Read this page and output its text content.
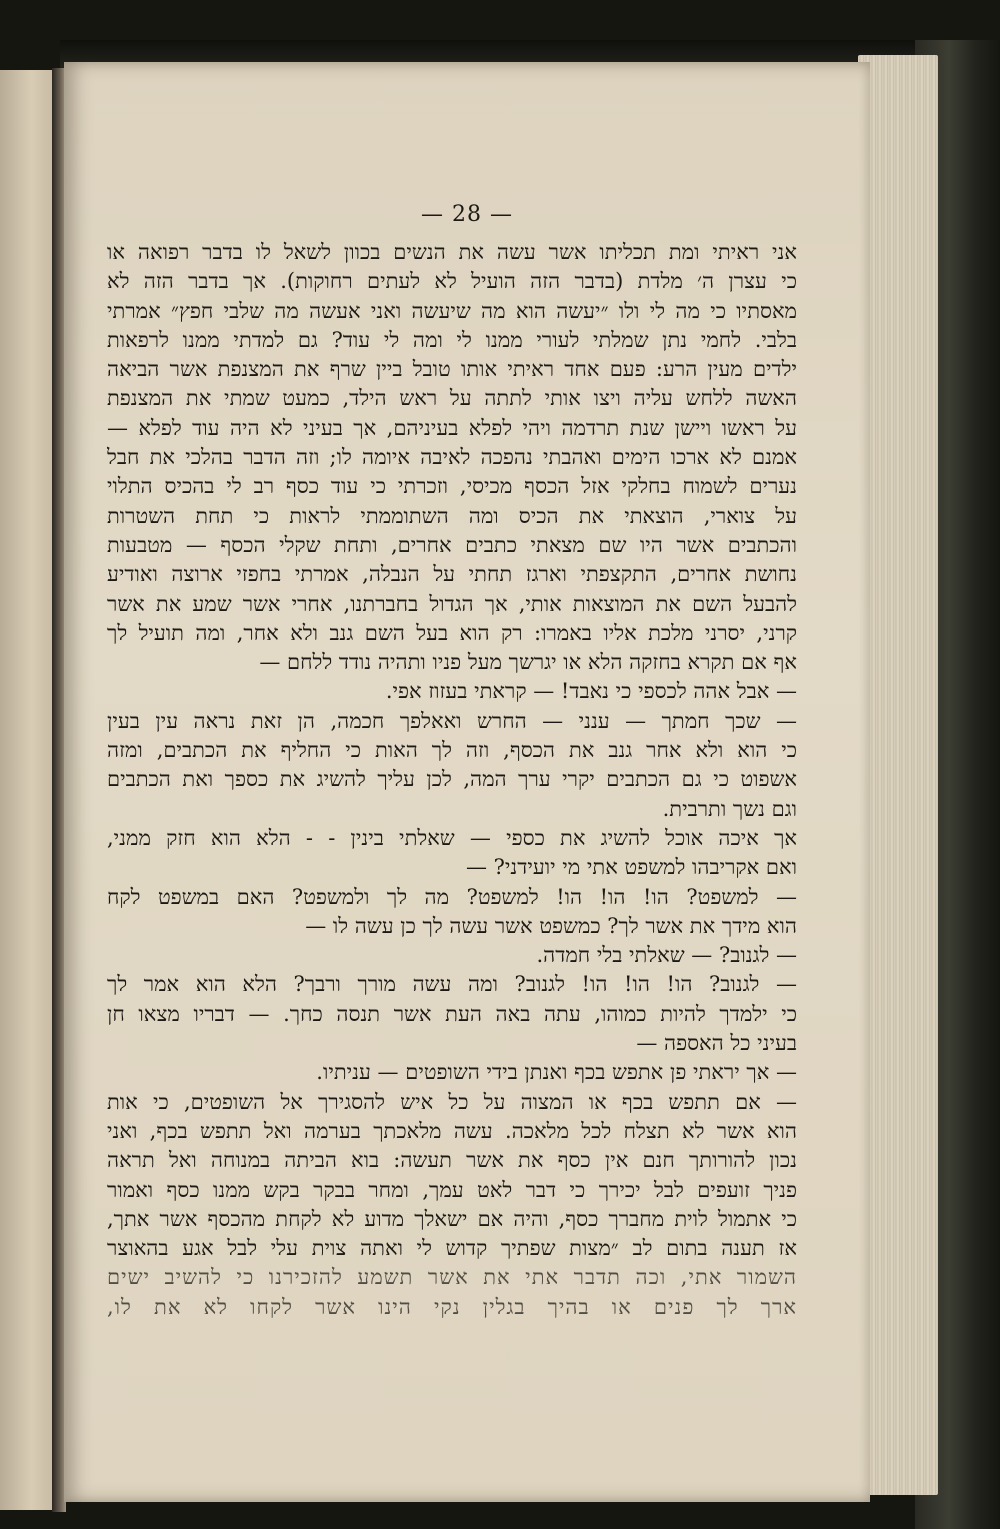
— 28 —
אני ראיתי ומת תכליתו אשר עשה את הנשים בכוון לשאל לו בדבר רפואה או
כי עצרן ה׳ מלדת (בדבר הזה הועיל לא לעתים רחוקות). אך בדבר הזה לא
מאסתיו כי מה לי ולו ״יעשה הוא מה שיעשה ואני אעשה מה שלבי חפץ״ אמרתי
בלבי. לחמי נתן שמלתי לעורי ממנו לי ומה לי עוד? גם למדתי ממנו לרפאות
ילדים מעין הרע: פעם אחד ראיתי אותו טובל ביין שרף את המצנפת אשר הביאה
האשה ללחש עליה ויצו אותי לתתה על ראש הילד, כמעט שמתי את המצנפת
על ראשו ויישן שנת תרדמה ויהי לפלא בעיניהם, אך בעיני לא היה עוד לפלא —
אמנם לא ארכו הימים ואהבתי נהפכה לאיבה איומה לו; וזה הדבר בהלכי את חבל
נערים לשמוח בחלקי אזל הכסף מכיסי, וזכרתי כי עוד כסף רב לי בהכיס התלוי
על צוארי, הוצאתי את הכיס ומה השתוממתי לראות כי תחת השטרות
והכתבים אשר היו שם מצאתי כתבים אחרים, ותחת שקלי הכסף — מטבעות
נחושת אחרים, התקצפתי וארגז תחתי על הנבלה, אמרתי בחפזי ארוצה ואודיע
להבעל השם את המוצאות אותי, אך הגדול בחברתנו, אחרי אשר שמע את אשר
קרני, יסרני מלכת אליו באמרו: רק הוא בעל השם גנב ולא אחר, ומה תועיל לך
אף אם תקרא בחזקה הלא או יגרשך מעל פניו ותהיה נודד ללחם —
— אבל אהה לכספי כי נאבד! — קראתי בעזוז אפי.
— שכך חמתך — ענני — החרש ואאלפך חכמה, הן זאת נראה עין בעין
כי הוא ולא אחר גנב את הכסף, וזה לך האות כי החליף את הכתבים, ומזה
אשפוט כי גם הכתבים יקרי ערך המה, לכן עליך להשיג את כספך ואת הכתבים
וגם נשך ותרבית.
אך איכה אוכל להשיג את כספי — שאלתי בינין - - הלא הוא חזק ממני,
ואם אקריבהו למשפט אתי מי יועידני? —
— למשפט? הו! הו! הו! למשפט? מה לך ולמשפט? האם במשפט לקח
הוא מידך את אשר לך? כמשפט אשר עשה לך כן עשה לו —
— לגנוב? — שאלתי בלי חמדה.
— לגנוב? הו! הו! הו! לגנוב? ומה עשה מורך ורבך? הלא הוא אמר לך
כי ילמדך להיות כמוהו, עתה באה העת אשר תנסה כחך. — דבריו מצאו חן
בעיני כל האספה —
— אך יראתי פן אתפש בכף ואנתן בידי השופטים — עניתיו.
— אם תתפש בכף או המצוה על כל איש להסגירך אל השופטים, כי אות
הוא אשר לא תצלח לכל מלאכה. עשה מלאכתך בערמה ואל תתפש בכף, ואני
נכון להורותך חנם אין כסף את אשר תעשה: בוא הביתה במנוחה ואל תראה
פניך זועפים לבל יכירך כי דבר לאט עמך, ומחר בבקר בקש ממנו כסף ואמור
כי אתמול לוית מחברך כסף, והיה אם ישאלך מדוע לא לקחת מהכסף אשר אתך,
אז תענה בתום לב ״מצות שפתיך קדוש לי ואתה צוית עלי לבל אגע בהאוצר
השמור אתי, וכה תדבר אתי את אשר תשמע להזכירנו כי להשיב ישים
ארך לך פנים או בהיך בגלין נקי הינו אשר לקחו לא את לו,
